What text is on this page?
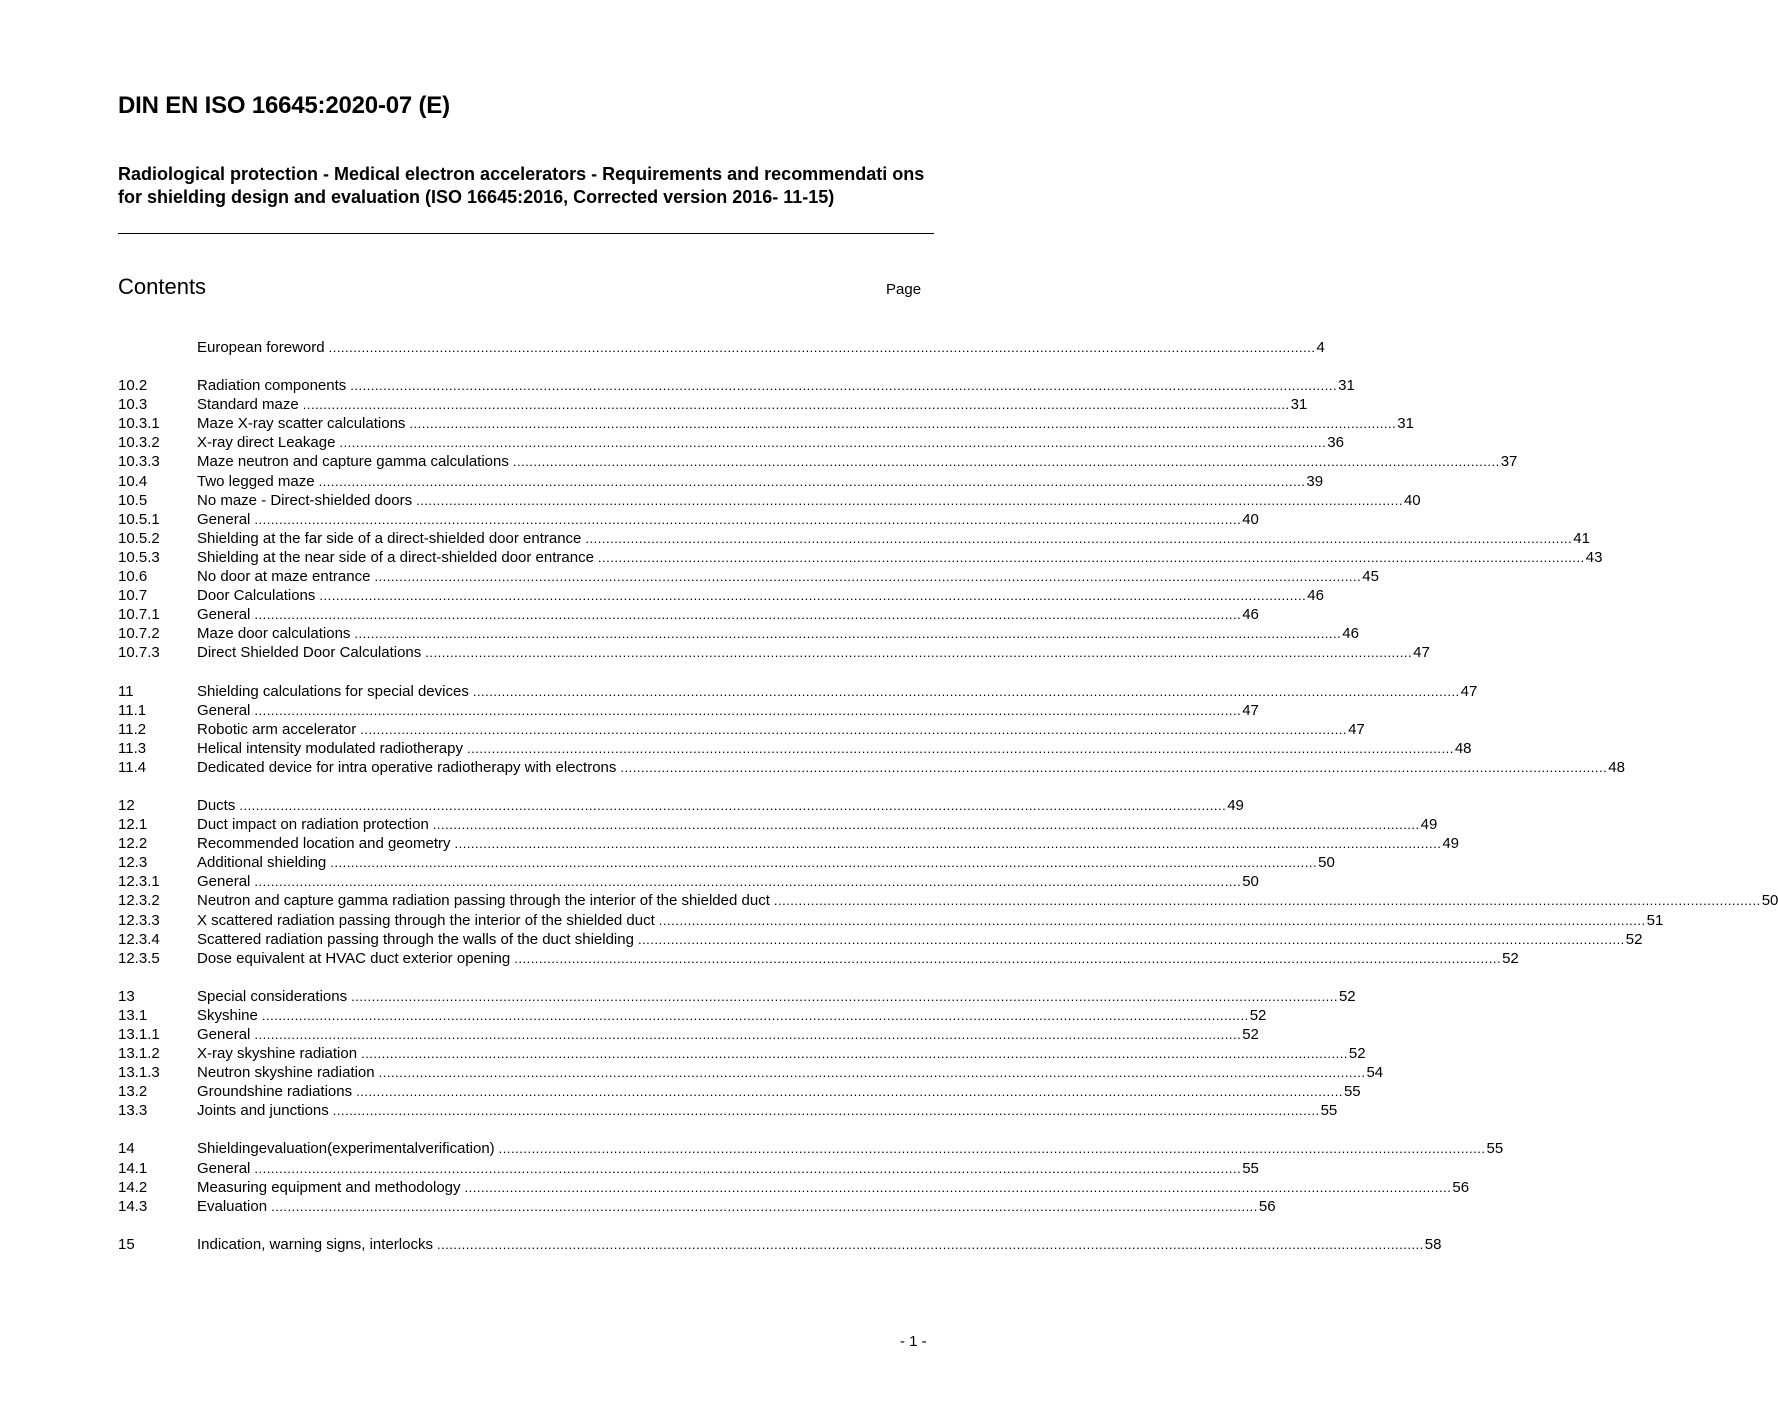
DIN EN ISO 16645:2020-07 (E)
Radiological protection - Medical electron accelerators - Requirements and recommendati ons for shielding design and evaluation (ISO 16645:2016, Corrected version 2016- 11-15)
Contents	Page
European foreword .....	4
10.2	Radiation components .....	31
10.3	Standard maze .....	31
10.3.1	Maze X-ray scatter calculations .....	31
10.3.2	X-ray direct Leakage .....	36
10.3.3	Maze neutron and capture gamma calculations .....	37
10.4	Two legged maze .....	39
10.5	No maze - Direct-shielded doors .....	40
10.5.1	General .....	40
10.5.2	Shielding at the far side of a direct-shielded door entrance .....	41
10.5.3	Shielding at the near side of a direct-shielded door entrance .....	43
10.6	No door at maze entrance .....	45
10.7	Door Calculations .....	46
10.7.1	General .....	46
10.7.2	Maze door calculations .....	46
10.7.3	Direct Shielded Door Calculations .....	47
11	Shielding calculations for special devices .....	47
11.1	General .....	47
11.2	Robotic arm accelerator .....	47
11.3	Helical intensity modulated radiotherapy .....	48
11.4	Dedicated device for intra operative radiotherapy with electrons .....	48
12	Ducts .....	49
12.1	Duct impact on radiation protection .....	49
12.2	Recommended location and geometry .....	49
12.3	Additional shielding .....	50
12.3.1	General .....	50
12.3.2	Neutron and capture gamma radiation passing through the interior of the shielded duct .....	50
12.3.3	X scattered radiation passing through the interior of the shielded duct .....	51
12.3.4	Scattered radiation passing through the walls of the duct shielding .....	52
12.3.5	Dose equivalent at HVAC duct exterior opening .....	52
13	Special considerations .....	52
13.1	Skyshine .....	52
13.1.1	General .....	52
13.1.2	X-ray skyshine radiation .....	52
13.1.3	Neutron skyshine radiation .....	54
13.2	Groundshine radiations .....	55
13.3	Joints and junctions .....	55
14	Shieldingevaluation(experimentalverification) .....	55
14.1	General .....	55
14.2	Measuring equipment and methodology .....	56
14.3	Evaluation .....	56
15	Indication, warning signs, interlocks .....	58
- 1 -
